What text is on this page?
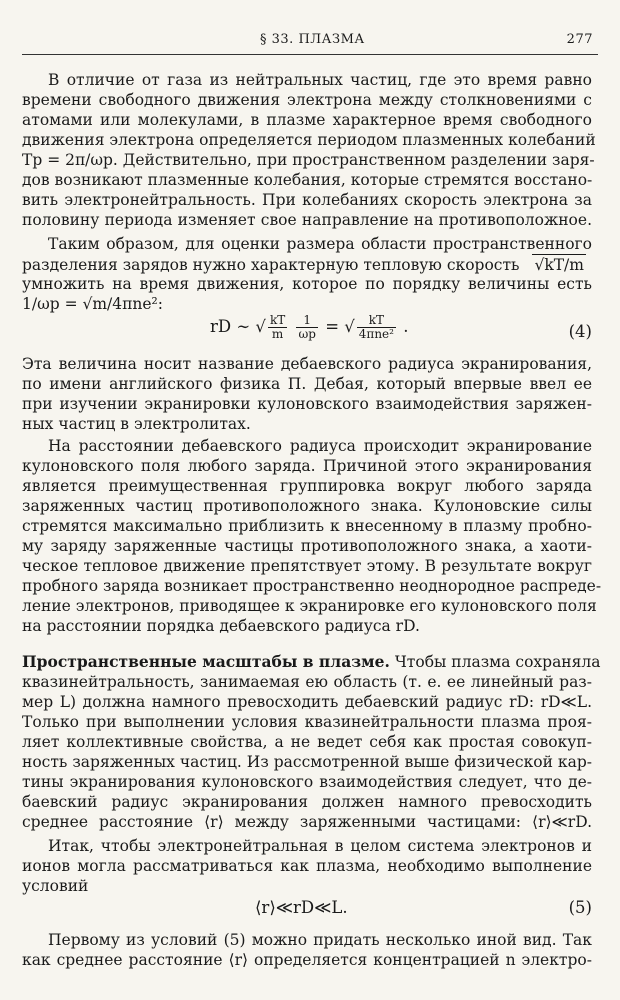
§ 33. ПЛАЗМА	277
В отличие от газа из нейтральных частиц, где это время равно
времени свободного движения электрона между столкновениями с
атомами или молекулами, в плазме характерное время свободного
движения электрона определяется периодом плазменных колебаний
Tp = 2π/ωp. Действительно, при пространственном разделении заря-
дов возникают плазменные колебания, которые стремятся восстано-
вить электронейтральность. При колебаниях скорость электрона за
половину периода изменяет свое направление на противоположное.
Таким образом, для оценки размера области пространственного
разделения зарядов нужно характерную тепловую скорость √kT/m
умножить на время движения, которое по порядку величины есть
1/ωp = √m/4πne²:
rD ∼ √ $\frac{kT}{m}$
$\frac{1}{\omega p}$ = √ $\frac{kT}{\text{4πne²}}$ .	(4)
Эта величина носит название дебаевского радиуса экранирования,
по имени английского физика П. Дебая, который впервые ввел ее
при изучении экранировки кулоновского взаимодействия заряжен-
ных частиц в электролитах.
На расстоянии дебаевского радиуса происходит экранирование
кулоновского поля любого заряда. Причиной этого экранирования
является преимущественная группировка вокруг любого заряда
заряженных частиц противоположного знака. Кулоновские силы
стремятся максимально приблизить к внесенному в плазму пробно-
му заряду заряженные частицы противоположного знака, а хаоти-
ческое тепловое движение препятствует этому. В результате вокруг
пробного заряда возникает пространственно неоднородное распреде-
ление электронов, приводящее к экранировке его кулоновского поля
на расстоянии порядка дебаевского радиуса rD.
Пространственные масштабы в плазме. Чтобы плазма сохраняла
квазинейтральность, занимаемая ею область (т. е. ее линейный раз-
мер L) должна намного превосходить дебаевский радиус rD: rD≪L.
Только при выполнении условия квазинейтральности плазма проя-
ляет коллективные свойства, а не ведет себя как простая совокуп-
ность заряженных частиц. Из рассмотренной выше физической кар-
тины экранирования кулоновского взаимодействия следует, что де-
баевский радиус экранирования должен намного превосходить
среднее расстояние ⟨r⟩ между заряженными частицами: ⟨r⟩≪rD.
Итак, чтобы электронейтральная в целом система электронов и
ионов могла рассматриваться как плазма, необходимо выполнение
условий
⟨r⟩≪rD≪L.	(5)
Первому из условий (5) можно придать несколько иной вид. Так
как среднее расстояние ⟨r⟩ определяется концентрацией n электро-
